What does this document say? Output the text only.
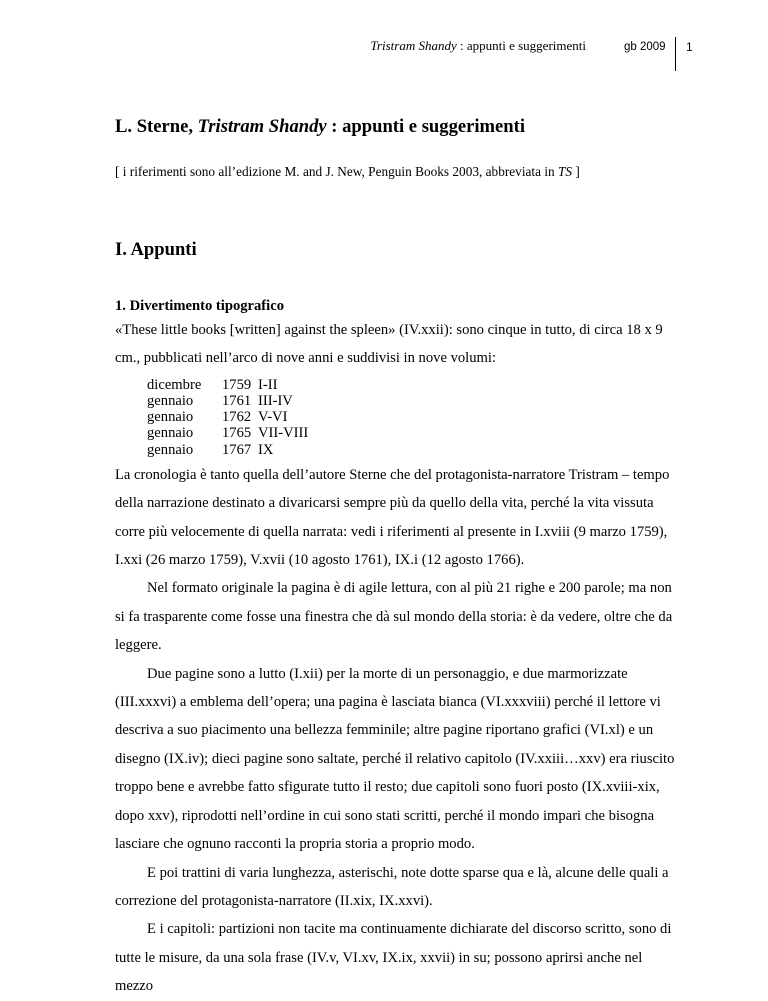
Tristram Shandy : appunti e suggerimenti	gb 2009 1
L. Sterne, Tristram Shandy : appunti e suggerimenti

[ i riferimenti sono all’edizione M. and J. New, Penguin Books 2003, abbreviata in TS ]

I. Appunti
1. Divertimento tipografico

«These little books [written] against the spleen» (IV.xxii): sono cinque in tutto, di circa 18 x 9 cm., pubblicati nell’arco di nove anni e suddivisi in nove volumi:

dicembre	1759	I-II
gennaio	1761	III-IV
gennaio	1762	V-VI
gennaio	1765	VII-VIII
gennaio	1767	IX

La cronologia è tanto quella dell’autore Sterne che del protagonista-narratore Tristram – tempo della narrazione destinato a divaricarsi sempre più da quello della vita, perché la vita vissuta corre più velocemente di quella narrata: vedi i riferimenti al presente in I.xviii (9 marzo 1759), I.xxi (26 marzo 1759), V.xvii (10 agosto 1761), IX.i (12 agosto 1766).

Nel formato originale la pagina è di agile lettura, con al più 21 righe e 200 parole; ma non si fa trasparente come fosse una finestra che dà sul mondo della storia: è da vedere, oltre che da leggere.

Due pagine sono a lutto (I.xii) per la morte di un personaggio, e due marmorizzate (III.xxxvi) a emblema dell’opera; una pagina è lasciata bianca (VI.xxxviii) perché il lettore vi descriva a suo piacimento una bellezza femminile; altre pagine riportano grafici (VI.xl) e un disegno (IX.iv); dieci pagine sono saltate, perché il relativo capitolo (IV.xxiii…xxv) era riuscito troppo bene e avrebbe fatto sfigurate tutto il resto; due capitoli sono fuori posto (IX.xviii-xix, dopo xxv), riprodotti nell’ordine in cui sono stati scritti, perché il mondo impari che bisogna lasciare che ognuno racconti la propria storia a proprio modo.

E poi trattini di varia lunghezza, asterischi, note dotte sparse qua e là, alcune delle quali a correzione del protagonista-narratore (II.xix, IX.xxvi).

E i capitoli: partizioni non tacite ma continuamente dichiarate del discorso scritto, sono di tutte le misure, da una sola frase (IV.v, VI.xv, IX.ix, xxvii) in su; possono aprirsi anche nel mezzo
